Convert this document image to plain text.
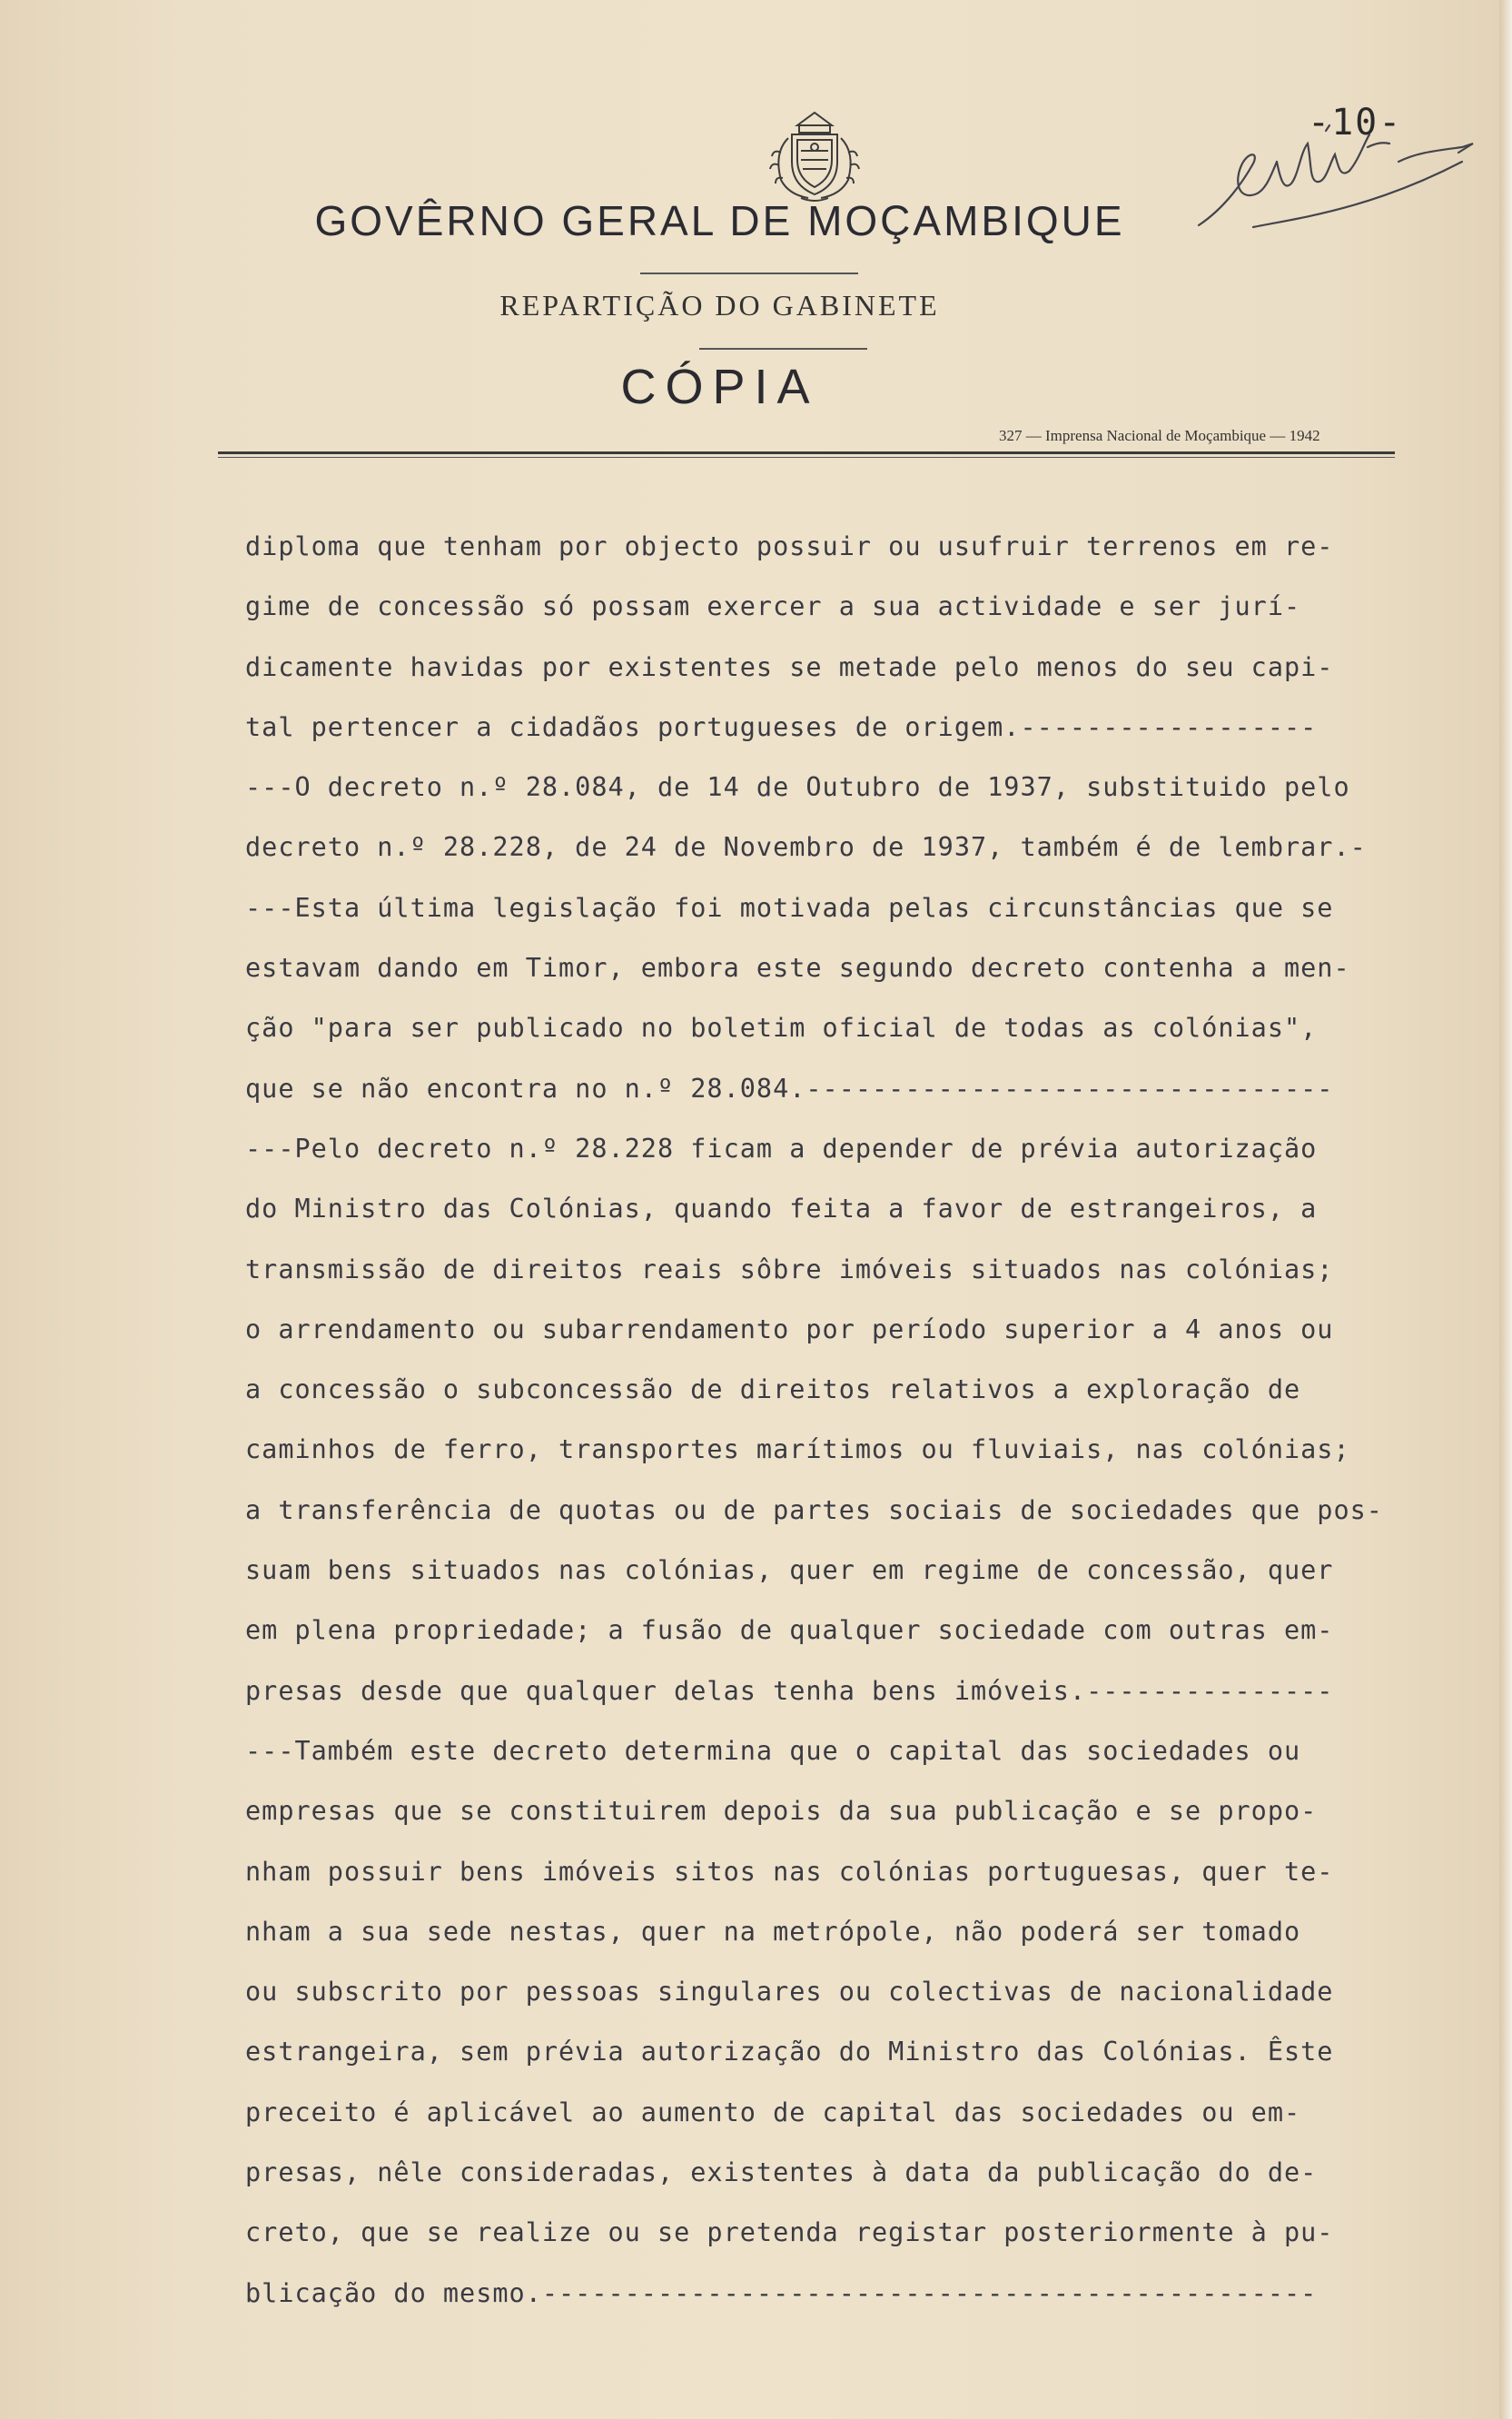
-10-
GOVÊRNO GERAL DE MOÇAMBIQUE
REPARTIÇÃO DO GABINETE
CÓPIA
327 — Imprensa Nacional de Moçambique — 1942
diploma que tenham por objecto possuir ou usufruir terrenos em re-
gime de concessão só possam exercer a sua actividade e ser jurí-
dicamente havidas por existentes se metade pelo menos do seu capi-
tal pertencer a cidadãos portugueses de origem.------------------
---O decreto n.º 28.084, de 14 de Outubro de 1937, substituido pelo
decreto n.º 28.228, de 24 de Novembro de 1937, também é de lembrar.-
---Esta última legislação foi motivada pelas circunstâncias que se
estavam dando em Timor, embora este segundo decreto contenha a men-
ção "para ser publicado no boletim oficial de todas as colónias",
que se não encontra no n.º 28.084.--------------------------------
---Pelo decreto n.º 28.228 ficam a depender de prévia autorização
do Ministro das Colónias, quando feita a favor de estrangeiros, a
transmissão de direitos reais sôbre imóveis situados nas colónias;
o arrendamento ou subarrendamento por período superior a 4 anos ou
a concessão o subconcessão de direitos relativos a exploração de
caminhos de ferro, transportes marítimos ou fluviais, nas colónias;
a transferência de quotas ou de partes sociais de sociedades que pos-
suam bens situados nas colónias, quer em regime de concessão, quer
em plena propriedade; a fusão de qualquer sociedade com outras em-
presas desde que qualquer delas tenha bens imóveis.---------------
---Também este decreto determina que o capital das sociedades ou
empresas que se constituirem depois da sua publicação e se propo-
nham possuir bens imóveis sitos nas colónias portuguesas, quer te-
nham a sua sede nestas, quer na metrópole, não poderá ser tomado
ou subscrito por pessoas singulares ou colectivas de nacionalidade
estrangeira, sem prévia autorização do Ministro das Colónias. Êste
preceito é aplicável ao aumento de capital das sociedades ou em-
presas, nêle consideradas, existentes à data da publicação do de-
creto, que se realize ou se pretenda registar posteriormente à pu-
blicação do mesmo.-----------------------------------------------
